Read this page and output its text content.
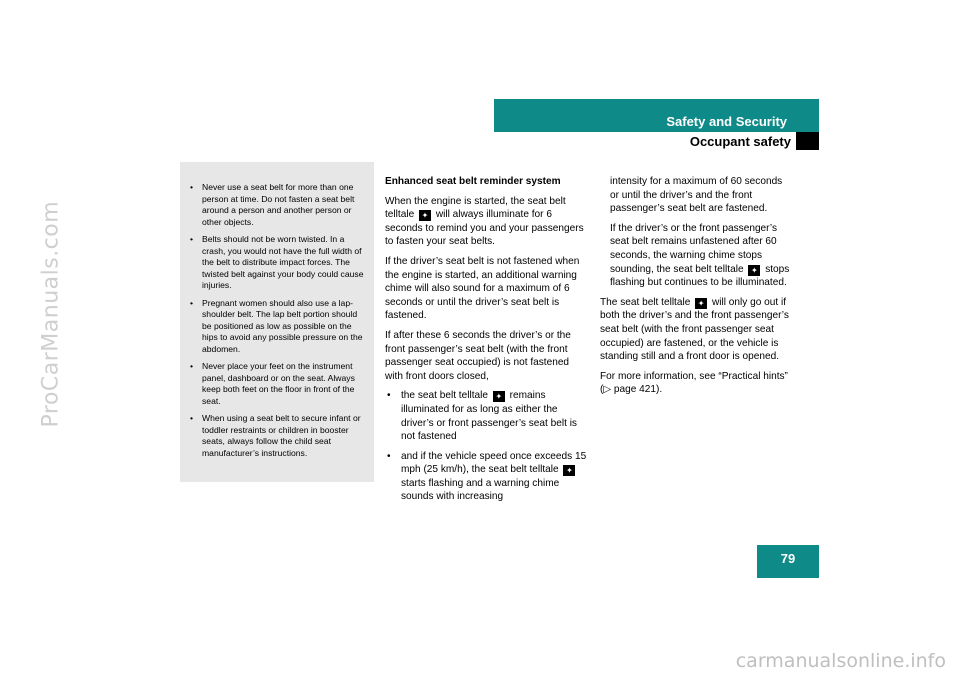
ProCarManuals.com
Safety and Security
Occupant safety
• Never use a seat belt for more than one person at time. Do not fasten a seat belt around a person and another person or other objects.
• Belts should not be worn twisted. In a crash, you would not have the full width of the belt to distribute impact forces. The twisted belt against your body could cause injuries.
• Pregnant women should also use a lap-shoulder belt. The lap belt portion should be positioned as low as possible on the hips to avoid any possible pressure on the abdomen.
• Never place your feet on the instrument panel, dashboard or on the seat. Always keep both feet on the floor in front of the seat.
• When using a seat belt to secure infant or toddler restraints or children in booster seats, always follow the child seat manufacturer’s instructions.

Enhanced seat belt reminder system

When the engine is started, the seat belt telltale ✦ will always illuminate for 6 seconds to remind you and your passengers to fasten your seat belts.

If the driver’s seat belt is not fastened when the engine is started, an additional warning chime will also sound for a maximum of 6 seconds or until the driver’s seat belt is fastened.

If after these 6 seconds the driver’s or the front passenger’s seat belt (with the front passenger seat occupied) is not fastened with front doors closed,

• the seat belt telltale ✦ remains illuminated for as long as either the driver’s or front passenger’s seat belt is not fastened
• and if the vehicle speed once exceeds 15 mph (25 km/h), the seat belt telltale ✦ starts flashing and a warning chime sounds with increasing

intensity for a maximum of 60 seconds or until the driver’s and the front passenger’s seat belt are fastened.

If the driver’s or the front passenger’s seat belt remains unfastened after 60 seconds, the warning chime stops sounding, the seat belt telltale ✦ stops flashing but continues to be illuminated.

The seat belt telltale ✦ will only go out if both the driver’s and the front passenger’s seat belt (with the front passenger seat occupied) are fastened, or the vehicle is standing still and a front door is opened.

For more information, see “Practical hints”
(▷ page 421).

79
carmanualsonline.info
